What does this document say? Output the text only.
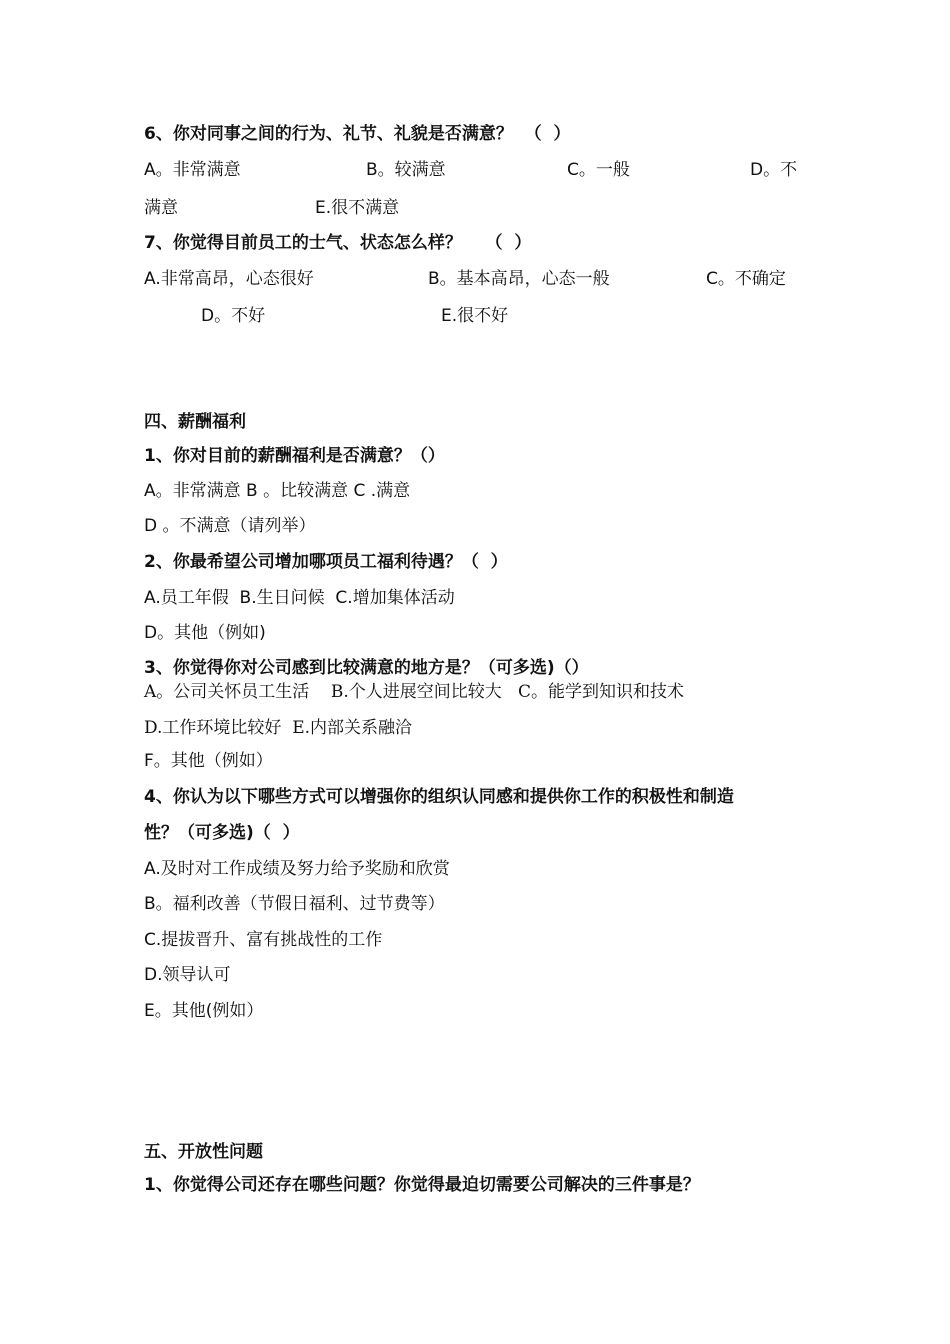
6、你对同事之间的行为、礼节、礼貌是否满意？  （  ）
A。非常满意	B。较满意	C。一般	D。不
满意	E.很不满意
7、你觉得目前员工的士气、状态怎么样？    （  ）
A.非常高昂，心态很好	B。基本高昂，心态一般	C。不确定
D。不好	E.很不好
四、薪酬福利
1、你对目前的薪酬福利是否满意？（）
A。非常满意 B 。比较满意 C .满意
D 。不满意（请列举）
2、你最希望公司增加哪项员工福利待遇？（  ）
A.员工年假  B.生日问候  C.增加集体活动
D。其他（例如)
3、你觉得你对公司感到比较满意的地方是？（可多选)（）
A。公司关怀员工生活    B.个人进展空间比较大   C。能学到知识和技术
D.工作环境比较好  E.内部关系融洽
F。其他（例如）
4、你认为以下哪些方式可以增强你的组织认同感和提供你工作的积极性和制造
性？（可多选)（  ）
A.及时对工作成绩及努力给予奖励和欣赏
B。福利改善（节假日福利、过节费等）
C.提拔晋升、富有挑战性的工作
D.领导认可
E。其他(例如）
五、开放性问题
1、你觉得公司还存在哪些问题？你觉得最迫切需要公司解决的三件事是？
